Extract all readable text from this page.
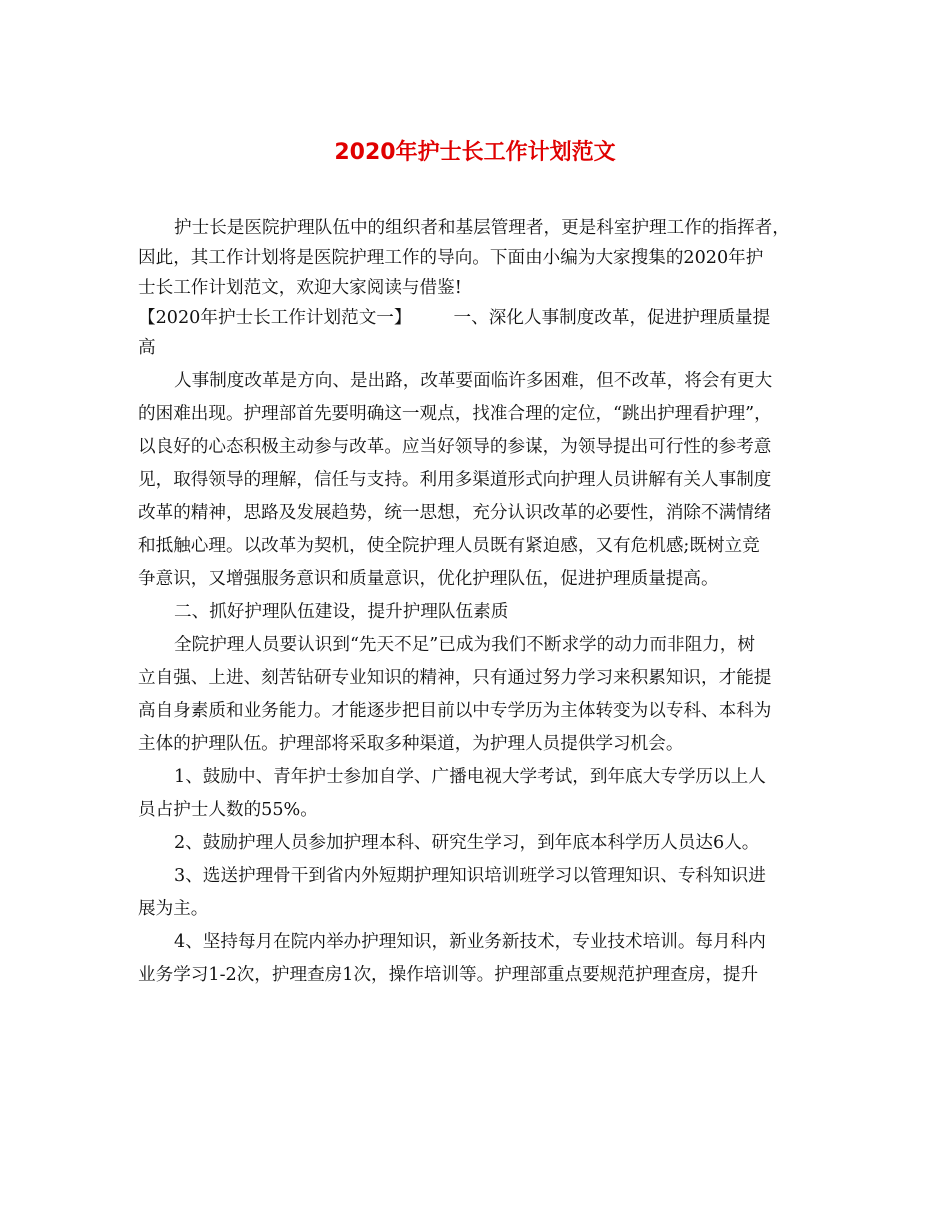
2020年护士长工作计划范文
护士长是医院护理队伍中的组织者和基层管理者，更是科室护理工作的指挥者，
因此，其工作计划将是医院护理工作的导向。下面由小编为大家搜集的2020年护
士长工作计划范文，欢迎大家阅读与借鉴!
【2020年护士长工作计划范文一】 一、深化人事制度改革，促进护理质量提
高
人事制度改革是方向、是出路，改革要面临许多困难，但不改革，将会有更大
的困难出现。护理部首先要明确这一观点，找准合理的定位，“跳出护理看护理”，
以良好的心态积极主动参与改革。应当好领导的参谋，为领导提出可行性的参考意
见，取得领导的理解，信任与支持。利用多渠道形式向护理人员讲解有关人事制度
改革的精神，思路及发展趋势，统一思想，充分认识改革的必要性，消除不满情绪
和抵触心理。以改革为契机，使全院护理人员既有紧迫感，又有危机感;既树立竞
争意识，又增强服务意识和质量意识，优化护理队伍，促进护理质量提高。
二、抓好护理队伍建设，提升护理队伍素质
全院护理人员要认识到“先天不足”已成为我们不断求学的动力而非阻力，树
立自强、上进、刻苦钻研专业知识的精神，只有通过努力学习来积累知识，才能提
高自身素质和业务能力。才能逐步把目前以中专学历为主体转变为以专科、本科为
主体的护理队伍。护理部将采取多种渠道，为护理人员提供学习机会。
1、鼓励中、青年护士参加自学、广播电视大学考试，到年底大专学历以上人
员占护士人数的55%。
2、鼓励护理人员参加护理本科、研究生学习，到年底本科学历人员达6人。
3、选送护理骨干到省内外短期护理知识培训班学习以管理知识、专科知识进
展为主。
4、坚持每月在院内举办护理知识，新业务新技术，专业技术培训。每月科内
业务学习1-2次，护理查房1次，操作培训等。护理部重点要规范护理查房，提升
